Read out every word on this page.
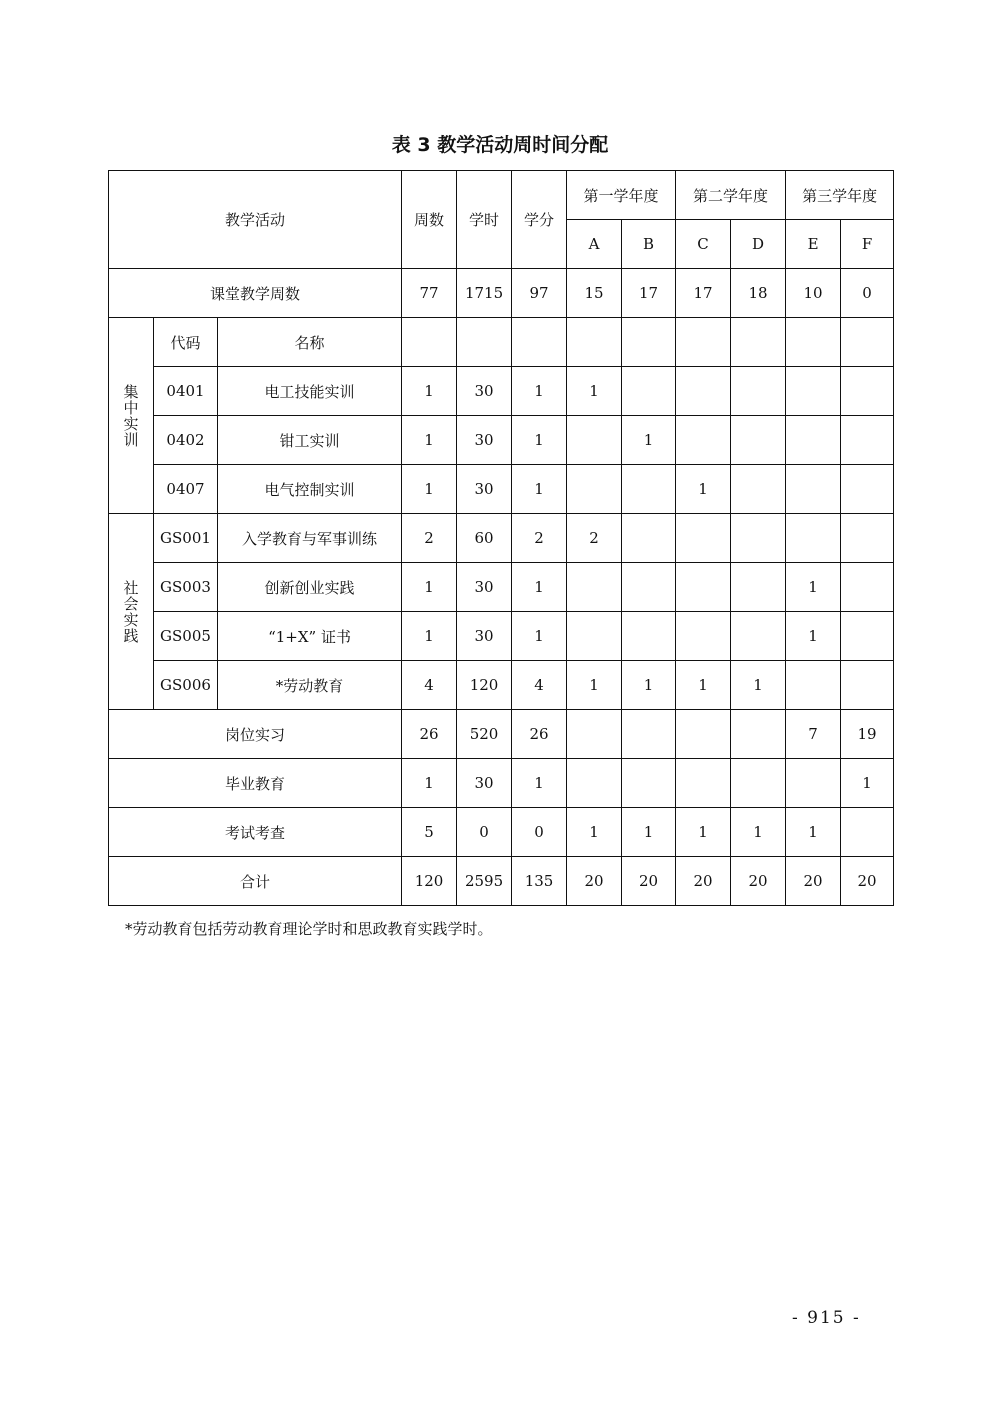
表 3 教学活动周时间分配
教学活动			周数	学时	学分	第一学年度		第二学年度		第三学年度	
						A	B	C	D	E	F
课堂教学周数			77	1715	97	15	17	17	18	10	0

集中实训	代码	名称									
	0401	电工技能实训	1	30	1	1					
	0402	钳工实训	1	30	1		1				
	0407	电气控制实训	1	30	1			1			

社会实践	GS001	入学教育与军事训练	2	60	2	2					
	GS003	创新创业实践	1	30	1					1	
	GS005	“1+X” 证书	1	30	1					1	
	GS006	*劳动教育	4	120	4	1	1	1	1		
岗位实习			26	520	26					7	19
毕业教育			1	30	1						1
考试考查			5	0	0	1	1	1	1	1	
合计			120	2595	135	20	20	20	20	20	20
*劳动教育包括劳动教育理论学时和思政教育实践学时。
- 915 -
